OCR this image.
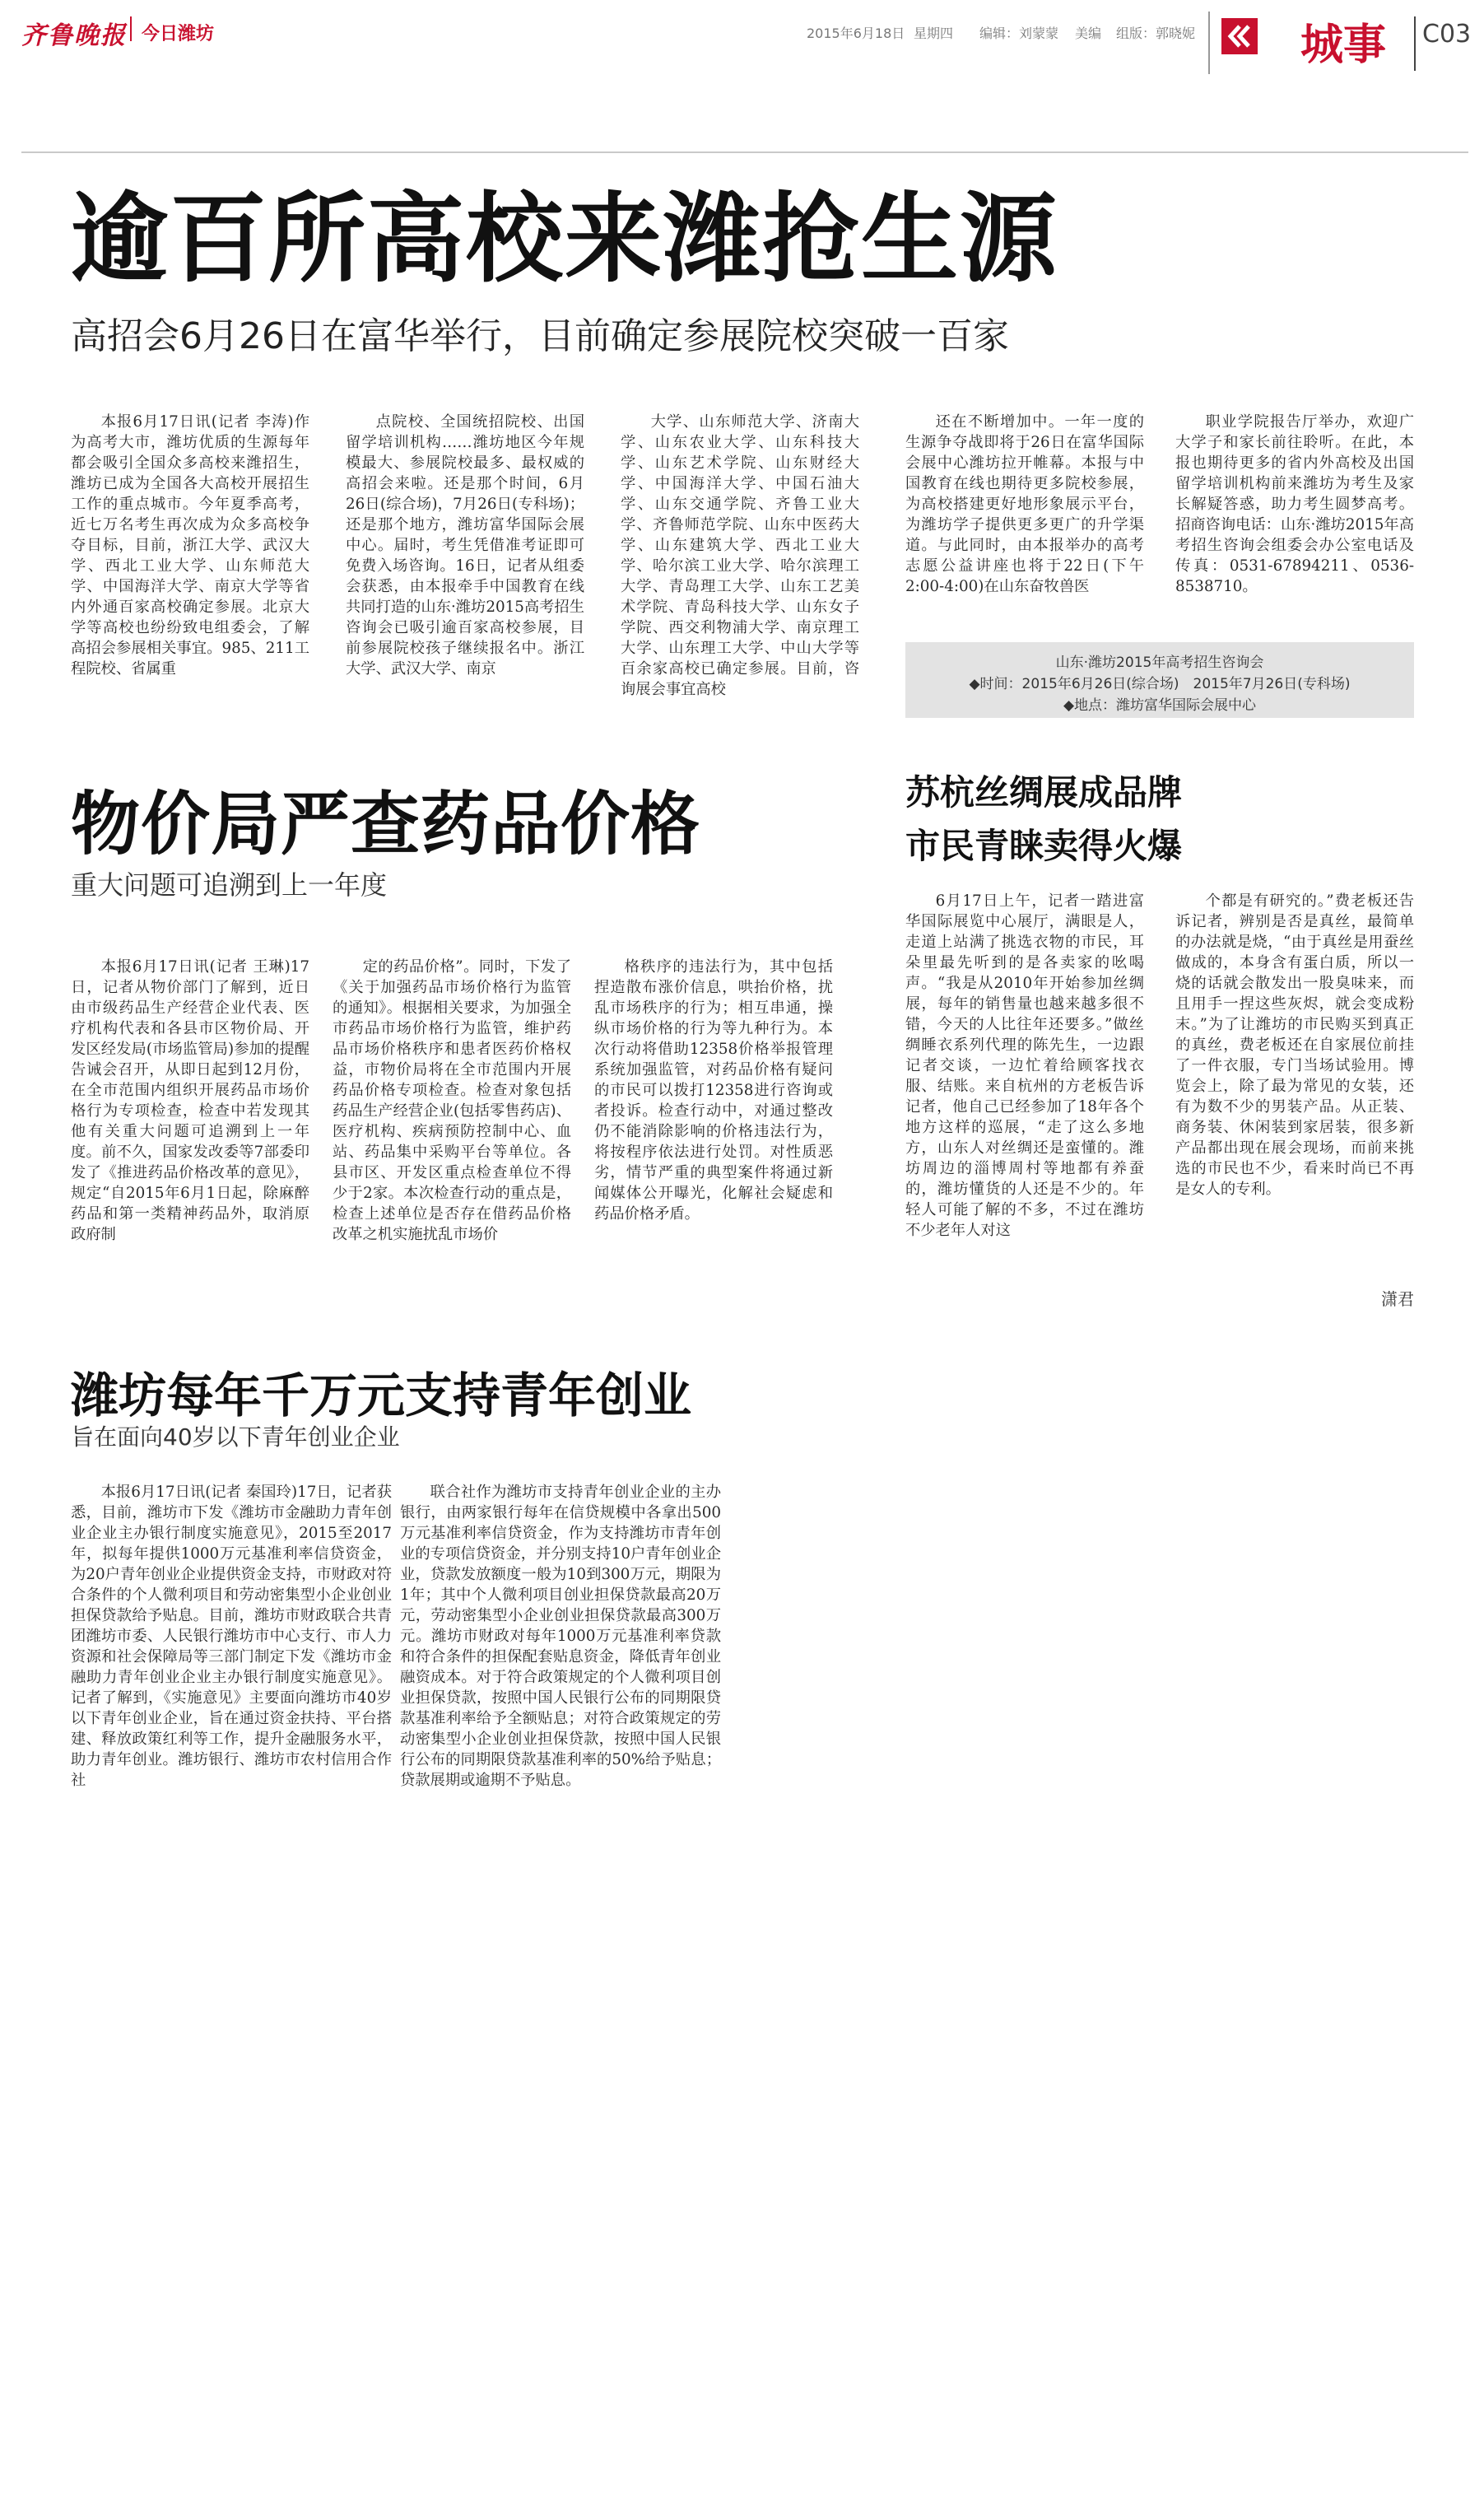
齐鲁晚报 今日潍坊	2015年6月18日 星期四 编辑：刘蒙蒙 美编 组版：郭晓妮 城事 C03
逾百所高校来潍抢生源
高招会6月26日在富华举行，目前确定参展院校突破一百家

本报6月17日讯(记者 李涛)作为高考大市，潍坊优质的生源每年都会吸引全国众多高校来潍招生，潍坊已成为全国各大高校开展招生工作的重点城市。今年夏季高考，近七万名考生再次成为众多高校争夺目标，目前，浙江大学、武汉大学、西北工业大学、山东师范大学、中国海洋大学、南京大学等省内外通百家高校确定参展。北京大学等高校也纷纷致电组委会，了解高招会参展相关事宜。985、211工程院校、省属重

点院校、全国统招院校、出国留学培训机构……潍坊地区今年规模最大、参展院校最多、最权威的高招会来啦。还是那个时间，6月26日(综合场)，7月26日(专科场)；还是那个地方，潍坊富华国际会展中心。届时，考生凭借准考证即可免费入场咨询。16日，记者从组委会获悉，由本报牵手中国教育在线共同打造的山东·潍坊2015高考招生咨询会已吸引逾百家高校参展，目前参展院校孩子继续报名中。浙江大学、武汉大学、南京

大学、山东师范大学、济南大学、山东农业大学、山东科技大学、山东艺术学院、山东财经大学、中国海洋大学、中国石油大学、山东交通学院、齐鲁工业大学、齐鲁师范学院、山东中医药大学、山东建筑大学、西北工业大学、哈尔滨工业大学、哈尔滨理工大学、青岛理工大学、山东工艺美术学院、青岛科技大学、山东女子学院、西交利物浦大学、南京理工大学、山东理工大学、中山大学等百余家高校已确定参展。目前，咨询展会事宜高校

还在不断增加中。一年一度的生源争夺战即将于26日在富华国际会展中心潍坊拉开帷幕。本报与中国教育在线也期待更多院校参展，为高校搭建更好地形象展示平台，为潍坊学子提供更多更广的升学渠道。与此同时，由本报举办的高考志愿公益讲座也将于22日(下午2:00-4:00)在山东奋牧兽医

职业学院报告厅举办，欢迎广大学子和家长前往聆听。在此，本报也期待更多的省内外高校及出国留学培训机构前来潍坊为考生及家长解疑答惑，助力考生圆梦高考。招商咨询电话：山东·潍坊2015年高考招生咨询会组委会办公室电话及传真：0531-67894211、0536-8538710。

山东·潍坊2015年高考招生咨询会
◆时间：2015年6月26日(综合场)　2015年7月26日(专科场)
◆地点：潍坊富华国际会展中心
物价局严查药品价格
重大问题可追溯到上一年度

本报6月17日讯(记者 王琳)17日，记者从物价部门了解到，近日由市级药品生产经营企业代表、医疗机构代表和各县市区物价局、开发区经发局(市场监管局)参加的提醒告诫会召开，从即日起到12月份，在全市范围内组织开展药品市场价格行为专项检查，检查中若发现其他有关重大问题可追溯到上一年度。前不久，国家发改委等7部委印发了《推进药品价格改革的意见》，规定“自2015年6月1日起，除麻醉药品和第一类精神药品外，取消原政府制

定的药品价格”。同时，下发了《关于加强药品市场价格行为监管的通知》。根据相关要求，为加强全市药品市场价格行为监管，维护药品市场价格秩序和患者医药价格权益，市物价局将在全市范围内开展药品价格专项检查。检查对象包括药品生产经营企业(包括零售药店)、医疗机构、疾病预防控制中心、血站、药品集中采购平台等单位。各县市区、开发区重点检查单位不得少于2家。本次检查行动的重点是，检查上述单位是否存在借药品价格改革之机实施扰乱市场价

格秩序的违法行为，其中包括捏造散布涨价信息，哄抬价格，扰乱市场秩序的行为；相互串通，操纵市场价格的行为等九种行为。本次行动将借助12358价格举报管理系统加强监管，对药品价格有疑问的市民可以拨打12358进行咨询或者投诉。检查行动中，对通过整改仍不能消除影响的价格违法行为，将按程序依法进行处罚。对性质恶劣，情节严重的典型案件将通过新闻媒体公开曝光，化解社会疑虑和药品价格矛盾。

苏杭丝绸展成品牌
市民青睐卖得火爆

6月17日上午，记者一踏进富华国际展览中心展厅，满眼是人，走道上站满了挑选衣物的市民，耳朵里最先听到的是各卖家的吆喝声。“我是从2010年开始参加丝绸展，每年的销售量也越来越多很不错，今天的人比往年还要多。”做丝绸睡衣系列代理的陈先生，一边跟记者交谈，一边忙着给顾客找衣服、结账。来自杭州的方老板告诉记者，他自己已经参加了18年各个地方这样的巡展，“走了这么多地方，山东人对丝绸还是蛮懂的。潍坊周边的淄博周村等地都有养蚕的，潍坊懂货的人还是不少的。年轻人可能了解的不多，不过在潍坊不少老年人对这

个都是有研究的。”费老板还告诉记者，辨别是否是真丝，最简单的办法就是烧，“由于真丝是用蚕丝做成的，本身含有蛋白质，所以一烧的话就会散发出一股臭味来，而且用手一捏这些灰烬，就会变成粉末。”为了让潍坊的市民购买到真正的真丝，费老板还在自家展位前挂了一件衣服，专门当场试验用。博览会上，除了最为常见的女装，还有为数不少的男装产品。从正装、商务装、休闲装到家居装，很多新产品都出现在展会现场，而前来挑选的市民也不少，看来时尚已不再是女人的专利。

潇君
潍坊每年千万元支持青年创业
旨在面向40岁以下青年创业企业

本报6月17日讯(记者 秦国玲)17日，记者获悉，目前，潍坊市下发《潍坊市金融助力青年创业企业主办银行制度实施意见》，2015至2017年，拟每年提供1000万元基准利率信贷资金，为20户青年创业企业提供资金支持，市财政对符合条件的个人微利项目和劳动密集型小企业创业担保贷款给予贴息。目前，潍坊市财政联合共青团潍坊市委、人民银行潍坊市中心支行、市人力资源和社会保障局等三部门制定下发《潍坊市金融助力青年创业企业主办银行制度实施意见》。记者了解到，《实施意见》主要面向潍坊市40岁以下青年创业企业，旨在通过资金扶持、平台搭建、释放政策红利等工作，提升金融服务水平，助力青年创业。潍坊银行、潍坊市农村信用合作社

联合社作为潍坊市支持青年创业企业的主办银行，由两家银行每年在信贷规模中各拿出500万元基准利率信贷资金，作为支持潍坊市青年创业的专项信贷资金，并分别支持10户青年创业企业，贷款发放额度一般为10到300万元，期限为1年；其中个人微利项目创业担保贷款最高20万元，劳动密集型小企业创业担保贷款最高300万元。潍坊市财政对每年1000万元基准利率贷款和符合条件的担保配套贴息资金，降低青年创业融资成本。对于符合政策规定的个人微利项目创业担保贷款，按照中国人民银行公布的同期限贷款基准利率给予全额贴息；对符合政策规定的劳动密集型小企业创业担保贷款，按照中国人民银行公布的同期限贷款基准利率的50%给予贴息；贷款展期或逾期不予贴息。
